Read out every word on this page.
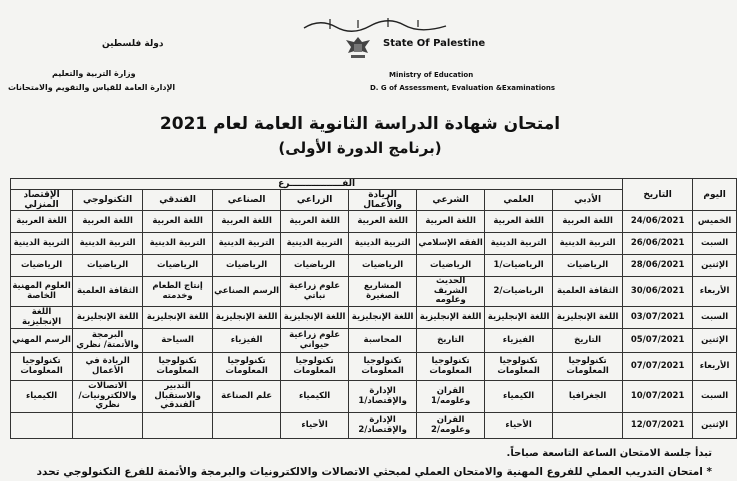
State Of Palestine
Ministry of Education
D. G of Assessment, Evaluation &Examinations
دولة فلسطين
وزارة التربية والتعليم
الإدارة العامة للقياس والتقويم والامتحانات
امتحان شهادة الدراسة الثانوية العامة لعام 2021
(برنامج الدورة الأولى)
اليوم	التاريخ	الفـــــــــــــــــرع								
		الأدبي	العلمي	الشرعي	الريادة والأعمال	الزراعي	الصناعي	الفندقي	التكنولوجي	الإقتصاد المنزلي
الخميس	24/06/2021	اللغة العربية	اللغة العربية	اللغة العربية	اللغة العربية	اللغة العربية	اللغة العربية	اللغة العربية	اللغة العربية	اللغة العربية
السبت	26/06/2021	التربية الدينية	التربية الدينية	الفقه الإسلامي	التربية الدينية	التربية الدينية	التربية الدينية	التربية الدينية	التربية الدينية	التربية الدينية
الإثنين	28/06/2021	الرياضيات	الرياضيات/1	الرياضيات	الرياضيات	الرياضيات	الرياضيات	الرياضيات	الرياضيات	الرياضيات
الأربعاء	30/06/2021	الثقافة العلمية	الرياضيات/2	الحديث الشريف وعلومه	المشاريع الصغيرة	علوم زراعية نباتي	الرسم الصناعي	إنتاج الطعام وخدمته	الثقافة العلمية	العلوم المهنية الخاصة
السبت	03/07/2021	اللغة الإنجليزية	اللغة الإنجليزية	اللغة الإنجليزية	اللغة الإنجليزية	اللغة الإنجليزية	اللغة الإنجليزية	اللغة الإنجليزية	اللغة الإنجليزية	اللغة الإنجليزية
الإثنين	05/07/2021	التاريخ	الفيزياء	التاريخ	المحاسبة	علوم زراعية حيواني	الفيزياء	السياحة	البرمجة والأتمتة/ نظري	الرسم المهني
الأربعاء	07/07/2021	تكنولوجيا المعلومات	تكنولوجيا المعلومات	تكنولوجيا المعلومات	تكنولوجيا المعلومات	تكنولوجيا المعلومات	تكنولوجيا المعلومات	تكنولوجيا المعلومات	الريادة في الأعمال	تكنولوجيا المعلومات
السبت	10/07/2021	الجغرافيا	الكيمياء	القران وعلومه/1	الإدارة والإقتصاد/1	الكيمياء	علم الصناعة	التدبير والاستقبال الفندقي	الاتصالات والالكترونيات/ نظري	الكيمياء
الإثنين	12/07/2021		الأحياء	القران وعلومه/2	الإدارة والإقتصاد/2	الأحياء				
تبدأ جلسة الامتحان الساعة التاسعة صباحاً.
* امتحان التدريب العملي للفروع المهنية والامتحان العملي لمبحثي الاتصالات والالكترونيات والبرمجة والأتمتة للفرع التكنولوجي تحدد
